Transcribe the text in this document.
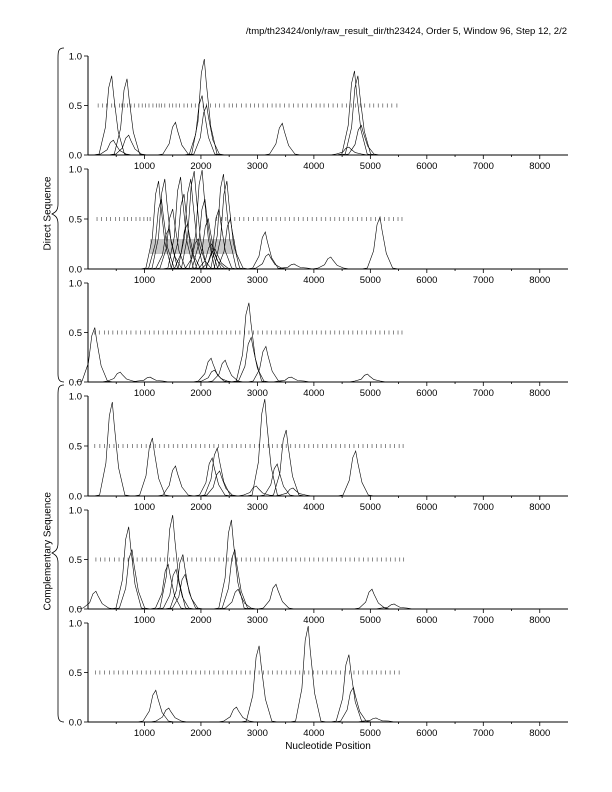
/tmp/th23424/only/raw_result_dir/th23424, Order 5, Window 96, Step 12, 2/2
Direct Sequence
Complementary Sequence
Nucleotide Position
0.0
0.5
1.0
1000	2000	3000	4000	5000	6000	7000	8000
0.0
0.5
1.0
1000	2000	3000	4000	5000	6000	7000	8000
0.0
0.5
1.0
1000	2000	3000	4000	5000	6000	7000	8000
0.0
0.5
1.0
1000	2000	3000	4000	5000	6000	7000	8000
0.0
0.5
1.0
1000	2000	3000	4000	5000	6000	7000	8000
0.0
0.5
1.0
1000	2000	3000	4000	5000	6000	7000	8000
